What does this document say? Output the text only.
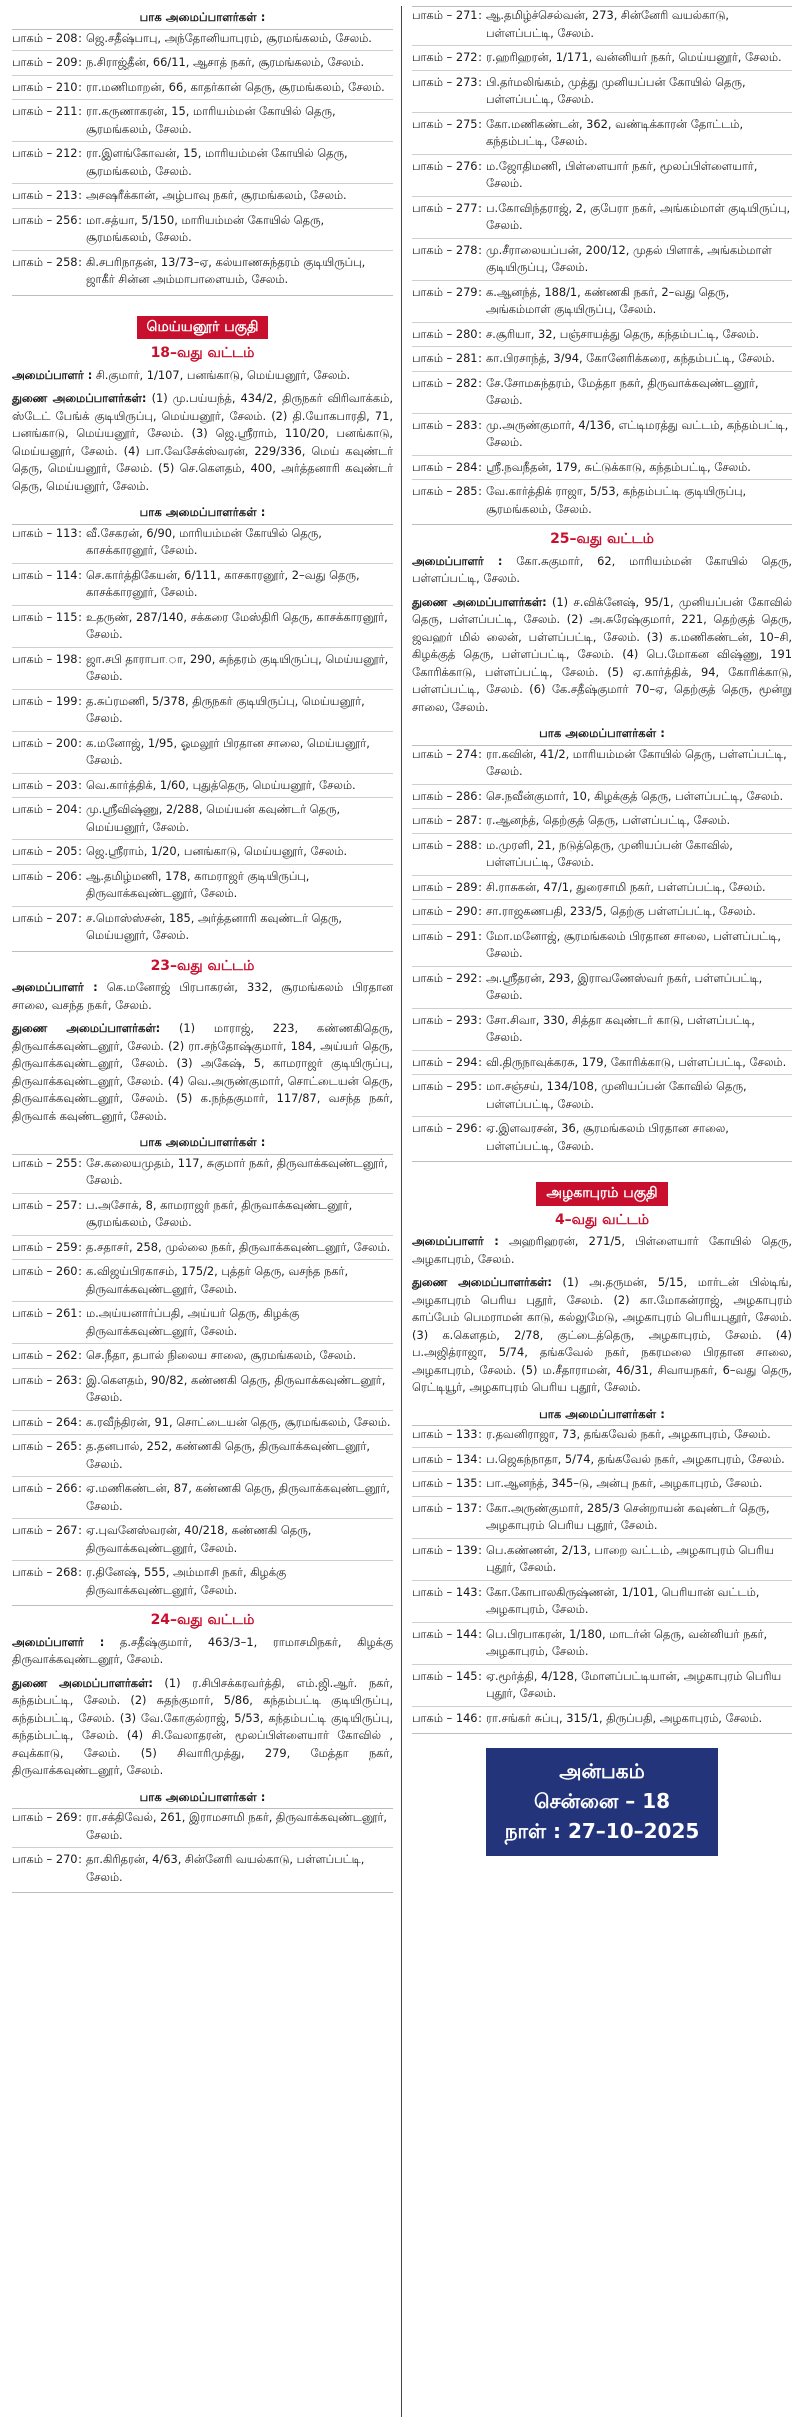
பாக அமைப்பாளர்கள் :
பாகம் – 208 : ஜெ.சதீஷ்பாபு, அந்தோனியாபுரம், சூரமங்கலம், சேலம்.
பாகம் – 209 : ந.சிராஜ்தீன், 66/11, ஆசாத் நகர், சூரமங்கலம், சேலம்.
பாகம் – 210 : ரா.மணிமாறன், 66, காதர்கான் தெரு, சூரமங்கலம், சேலம்.
பாகம் – 211 : ரா.கருணாகரன், 15, மாரியம்மன் கோயில் தெரு, சூரமங்கலம், சேலம்.
பாகம் – 212 : ரா.இளங்கோவன், 15, மாரியம்மன் கோயில் தெரு, சூரமங்கலம், சேலம்.
பாகம் – 213 : அசஷரீக்கான், அழ்பாவு நகர், சூரமங்கலம், சேலம்.
பாகம் – 256 : மா.சத்யா, 5/150, மாரியம்மன் கோயில் தெரு, சூரமங்கலம், சேலம்.
பாகம் – 258 : கி.சபரிநாதன், 13/73–ஏ, கல்யாணசுந்தரம் குடியிருப்பு, ஜாகீர் சின்ன அம்மாபாளையம், சேலம்.
மெய்யனூர் பகுதி
18–வது வட்டம்

அமைப்பாளர் : சி.குமார், 1/107, பனங்காடு, மெய்யனூர், சேலம்.

துணை அமைப்பாளர்கள்: (1) மு.பய்யந்த், 434/2, திருநகர் விரிவாக்கம், ஸ்டேட் பேங்க் குடியிருப்பு, மெய்யனூர், சேலம். (2) தி.யோகபாரதி, 71, பனங்காடு, மெய்யனூர், சேலம். (3) ஜெ.ஸ்ரீராம், 110/20, பனங்காடு, மெய்யனூர், சேலம். (4) பா.வேசேக்ஸ்வரன், 229/336, மெய் கவுண்டர் தெரு, மெய்யனூர், சேலம். (5) செ.கௌதம், 400, அர்த்தனாரி கவுண்டர் தெரு, மெய்யனூர், சேலம்.

பாக அமைப்பாளர்கள் :
பாகம் – 113 : வீ.சேகரன், 6/90, மாரியம்மன் கோயில் தெரு, காசக்காரனூர், சேலம்.
பாகம் – 114 : செ.கார்த்திகேயன், 6/111, காசகாரனூர், 2–வது தெரு, காசக்காரனூர், சேலம்.
பாகம் – 115 : உதருண், 287/140, சக்கரை மேஸ்திரி தெரு, காசக்காரனூர், சேலம்.
பாகம் – 198 : ஜா.சபி தாராபா.ா, 290, சுந்தரம் குடியிருப்பு, மெய்யனூர், சேலம்.
பாகம் – 199 : த.சுப்ரமணி, 5/378, திருநகர் குடியிருப்பு, மெய்யனூர், சேலம்.
பாகம் – 200 : க.மனோஜ், 1/95, ஓமலூர் பிரதான சாலை, மெய்யனூர், சேலம்.
பாகம் – 203 : வெ.கார்த்திக், 1/60, புதுத்தெரு, மெய்யனூர், சேலம்.
பாகம் – 204 : மு.ஸ்ரீவிஷ்ணு, 2/288, மெய்யன் கவுண்டர் தெரு, மெய்யனூர், சேலம்.
பாகம் – 205 : ஜெ.ஸ்ரீராம், 1/20, பனங்காடு, மெய்யனூர், சேலம்.
பாகம் – 206 : ஆ.தமிழ்மணி, 178, காமராஜர் குடியிருப்பு, திருவாக்கவுண்டனூர், சேலம்.
பாகம் – 207 : ச.மொஸ்ஸ்சன், 185, அர்த்தனாரி கவுண்டர் தெரு, மெய்யனூர், சேலம்.
23–வது வட்டம்

அமைப்பாளர் : கெ.மனோஜ் பிரபாகரன், 332, சூரமங்கலம் பிரதான சாலை, வசந்த நகர், சேலம்.

துணை அமைப்பாளர்கள்: (1) மாராஜ், 223, கண்ணகிதெரு, திருவாக்கவுண்டனூர், சேலம். (2) ரா.சந்தோஷ்குமார், 184, அய்யர் தெரு, திருவாக்கவுண்டனூர், சேலம். (3) அகேஷ், 5, காமராஜர் குடியிருப்பு, திருவாக்கவுண்டனூர், சேலம். (4) வெ.அருண்குமார், சொட்டையன் தெரு, திருவாக்கவுண்டனூர், சேலம். (5) க.நந்தகுமார், 117/87, வசந்த நகர், திருவாக் கவுண்டனூர், சேலம்.

பாக அமைப்பாளர்கள் :
பாகம் – 255 : சே.கலையமுதம், 117, சுகுமார் நகர், திருவாக்கவுண்டனூர், சேலம்.
பாகம் – 257 : ப.அசோக், 8, காமராஜர் நகர், திருவாக்கவுண்டனூர், சூரமங்கலம், சேலம்.
பாகம் – 259 : த.சதாசர், 258, முல்லை நகர், திருவாக்கவுண்டனூர், சேலம்.
பாகம் – 260 : க.விஜய்பிரகாசம், 175/2, புத்தர் தெரு, வசந்த நகர், திருவாக்கவுண்டனூர், சேலம்.
பாகம் – 261 : ம.அய்யனார்ப்பதி, அய்யர் தெரு, கிழக்கு திருவாக்கவுண்டனூர், சேலம்.
பாகம் – 262 : செ.நீதா, தபால் நிலைய சாலை, சூரமங்கலம், சேலம்.
பாகம் – 263 : இ.கௌதம், 90/82, கண்ணகி தெரு, திருவாக்கவுண்டனூர், சேலம்.
பாகம் – 264 : க.ரவீந்திரன், 91, சொட்டையன் தெரு, சூரமங்கலம், சேலம்.
பாகம் – 265 : த.தனபால், 252, கண்ணகி தெரு, திருவாக்கவுண்டனூர், சேலம்.
பாகம் – 266 : ஏ.மணிகண்டன், 87, கண்ணகி தெரு, திருவாக்கவுண்டனூர், சேலம்.
பாகம் – 267 : ஏ.புவனேஸ்வரன், 40/218, கண்ணகி தெரு, திருவாக்கவுண்டனூர், சேலம்.
பாகம் – 268 : ர.தினேஷ், 555, அம்மாசி நகர், கிழக்கு திருவாக்கவுண்டனூர், சேலம்.
24–வது வட்டம்

அமைப்பாளர் : த.சதீஷ்குமார், 463/3–1, ராமாசமிநகர், கிழக்கு திருவாக்கவுண்டனூர், சேலம்.

துணை அமைப்பாளர்கள்: (1) ர.சிபிசக்கரவர்த்தி, எம்.ஜி.ஆர். நகர், கந்தம்பட்டி, சேலம். (2) சுதந்குமார், 5/86, கந்தம்பட்டி குடியிருப்பு, கந்தம்பட்டி, சேலம். (3) வே.கோகுல்ராஜ், 5/53, கந்தம்பட்டி குடியிருப்பு, கந்தம்பட்டி, சேலம். (4) சி.வேலாதரன், மூலப்பிள்ளையார் கோவில் , சவுக்காடு, சேலம். (5) சிவாரிமுத்து, 279, மேத்தா நகர், திருவாக்கவுண்டனூர், சேலம்.

பாக அமைப்பாளர்கள் :
பாகம் – 269 : ரா.சக்திவேல், 261, இராமசாமி நகர், திருவாக்கவுண்டனூர், சேலம்.
பாகம் – 270 : தா.கிரிதரன், 4/63, சின்னேரி வயல்காடு, பள்ளப்பட்டி, சேலம்.
பாகம் – 271 : ஆ.தமிழ்ச்செல்வன், 273, சின்னேரி வயல்காடு, பள்ளப்பட்டி, சேலம்.
பாகம் – 272 : ர.ஹரிஹரன், 1/171, வன்னியர் நகர், மெய்யனூர், சேலம்.
பாகம் – 273 : பி.தர்மலிங்கம், முத்து முனியப்பன் கோயில் தெரு, பள்ளப்பட்டி, சேலம்.
பாகம் – 275 : கோ.மணிகண்டன், 362, வண்டிக்காரன் தோட்டம், கந்தம்பட்டி, சேலம்.
பாகம் – 276 : ம.ஜோதிமணி, பிள்ளையார் நகர், மூலப்பிள்ளையார், சேலம்.
பாகம் – 277 : ப.கோவிந்தராஜ், 2, குபேரா நகர், அங்கம்மாள் குடியிருப்பு, சேலம்.
பாகம் – 278 : மு.சீராலையப்பன், 200/12, முதல் பிளாக், அங்கம்மாள் குடியிருப்பு, சேலம்.
பாகம் – 279 : க.ஆனந்த், 188/1, கண்ணகி நகர், 2–வது தெரு, அங்கம்மாள் குடியிருப்பு, சேலம்.
பாகம் – 280 : ச.சூரியா, 32, பஞ்சாயத்து தெரு, கந்தம்பட்டி, சேலம்.
பாகம் – 281 : கா.பிரசாந்த், 3/94, கோனேரிக்கரை, கந்தம்பட்டி, சேலம்.
பாகம் – 282 : சே.சோமசுந்தரம், மேத்தா நகர், திருவாக்கவுண்டனூர், சேலம்.
பாகம் – 283 : மு.அருண்குமார், 4/136, எட்டிமரத்து வட்டம், கந்தம்பட்டி, சேலம்.
பாகம் – 284 : ஸ்ரீ.நவநீதன், 179, சுட்டுக்காடு, கந்தம்பட்டி, சேலம்.
பாகம் – 285 : வே.கார்த்திக் ராஜா, 5/53, கந்தம்பட்டி குடியிருப்பு, சூரமங்கலம், சேலம்.
25–வது வட்டம்

அமைப்பாளர் : கோ.சுகுமார், 62, மாரியம்மன் கோயில் தெரு, பள்ளப்பட்டி, சேலம்.

துணை அமைப்பாளர்கள்: (1) ச.விக்னேஷ், 95/1, முனியப்பன் கோவில் தெரு, பள்ளப்பட்டி, சேலம். (2) அ.சுரேஷ்குமார், 221, தெற்குத் தெரு, ஜவஹர் மில் லைன், பள்ளப்பட்டி, சேலம். (3) க.மணிகண்டன், 10–சி, கிழக்குத் தெரு, பள்ளப்பட்டி, சேலம். (4) பெ.மோகன விஷ்ணு, 191 கோரிக்காடு, பள்ளப்பட்டி, சேலம். (5) ஏ.கார்த்திக், 94, கோரிக்காடு, பள்ளப்பட்டி, சேலம். (6) கே.சதீஷ்குமார் 70–ஏ, தெற்குத் தெரு, மூன்று சாலை, சேலம்.

பாக அமைப்பாளர்கள் :
பாகம் – 274 : ரா.கவின், 41/2, மாரியம்மன் கோயில் தெரு, பள்ளப்பட்டி, சேலம்.
பாகம் – 286 : செ.நவீன்குமார், 10, கிழக்குத் தெரு, பள்ளப்பட்டி, சேலம்.
பாகம் – 287 : ர.ஆனந்த், தெற்குத் தெரு, பள்ளப்பட்டி, சேலம்.
பாகம் – 288 : ம.முரளி, 21, நடுத்தெரு, முனியப்பன் கோவில், பள்ளப்பட்டி, சேலம்.
பாகம் – 289 : சி.ராசுகன், 47/1, துரைசாமி நகர், பள்ளப்பட்டி, சேலம்.
பாகம் – 290 : சா.ராஜகணபதி, 233/5, தெற்கு பள்ளப்பட்டி, சேலம்.
பாகம் – 291 : மோ.மனோஜ், சூரமங்கலம் பிரதான சாலை, பள்ளப்பட்டி, சேலம்.
பாகம் – 292 : அ.ஸ்ரீதரன், 293, இராவணேஸ்வர் நகர், பள்ளப்பட்டி, சேலம்.
பாகம் – 293 : சோ.சிவா, 330, சித்தா கவுண்டர் காடு, பள்ளப்பட்டி, சேலம்.
பாகம் – 294 : வி.திருநாவுக்கரசு, 179, கோரிக்காடு, பள்ளப்பட்டி, சேலம்.
பாகம் – 295 : மா.சஞ்சய், 134/108, முனியப்பன் கோவில் தெரு, பள்ளப்பட்டி, சேலம்.
பாகம் – 296 : ஏ.இளவரசன், 36, சூரமங்கலம் பிரதான சாலை, பள்ளப்பட்டி, சேலம்.
அழகாபுரம் பகுதி
4–வது வட்டம்

அமைப்பாளர் : அஹரிஹரன், 271/5, பிள்ளையார் கோயில் தெரு, அழகாபுரம், சேலம்.

துணை அமைப்பாளர்கள்: (1) அ.தருமன், 5/15, மார்டன் பில்டிங், அழகாபுரம் பெரிய புதூர், சேலம். (2) கா.மோகன்ராஜ், அழகாபுரம் காப்பேம் பெமராமன் காடு, கல்லுமேடு, அழகாபுரம் பெரியபுதூர், சேலம். (3) க.கௌதம், 2/78, குட்டைத்தெரு, அழகாபுரம், சேலம். (4) ப.அஜித்ராஜா, 5/74, தங்கவேல் நகர், நகரமலை பிரதான சாலை, அழகாபுரம், சேலம். (5) ம.சீதாராமன், 46/31, சிவாயநகர், 6–வது தெரு, ரெட்டியூர், அழகாபுரம் பெரிய புதூர், சேலம்.

பாக அமைப்பாளர்கள் :
பாகம் – 133 : ர.தவனிராஜா, 73, தங்கவேல் நகர், அழகாபுரம், சேலம்.
பாகம் – 134 : ப.ஜெகந்நாதா, 5/74, தங்கவேல் நகர், அழகாபுரம், சேலம்.
பாகம் – 135 : பா.ஆனந்த், 345–டு, அன்பு நகர், அழகாபுரம், சேலம்.
பாகம் – 137 : கோ.அருண்குமார், 285/3 சென்றாயன் கவுண்டர் தெரு, அழகாபுரம் பெரிய புதூர், சேலம்.
பாகம் – 139 : பெ.கண்ணன், 2/13, பாறை வட்டம், அழகாபுரம் பெரிய புதூர், சேலம்.
பாகம் – 143 : கோ.கோபாலகிருஷ்ணன், 1/101, பெரியான் வட்டம், அழகாபுரம், சேலம்.
பாகம் – 144 : பெ.பிரபாகரன், 1/180, மாடர்ன் தெரு, வன்னியர் நகர், அழகாபுரம், சேலம்.
பாகம் – 145 : ஏ.மூர்த்தி, 4/128, மோளப்பட்டியான், அழகாபுரம் பெரிய புதூர், சேலம்.
பாகம் – 146 : ரா.சங்கர் சுப்பு, 315/1, திருப்பதி, அழகாபுரம், சேலம்.
அன்பகம்
சென்னை – 18
நாள் : 27–10–2025
